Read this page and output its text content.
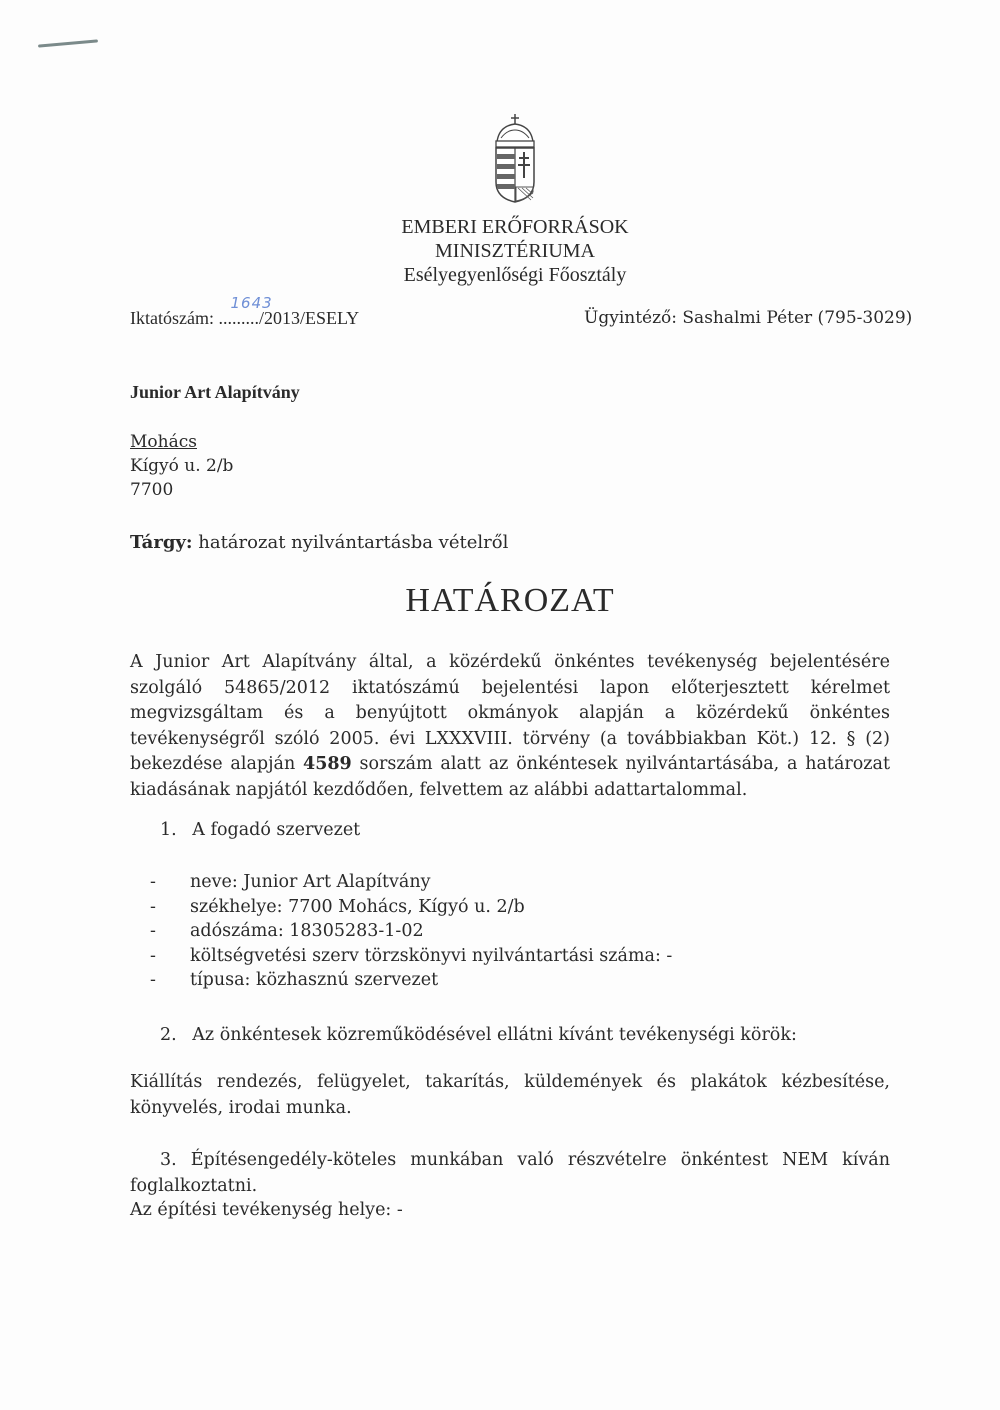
EMBERI ERŐFORRÁSOK
MINISZTÉRIUMA
Esélyegyenlőségi Főosztály
Iktatószám:
1643
........./2013/ESELY	Ügyintéző: Sashalmi Péter (795-3029)
Junior Art Alapítvány
Mohács
Kígyó u. 2/b
7700
Tárgy: határozat nyilvántartásba vételről
HATÁROZAT
A Junior Art Alapítvány által, a közérdekű önkéntes tevékenység bejelentésére szolgáló 54865/2012 iktatószámú bejelentési lapon előterjesztett kérelmet megvizsgáltam és a benyújtott okmányok alapján a közérdekű önkéntes tevékenységről szóló 2005. évi LXXXVIII. törvény (a továbbiakban Köt.) 12. § (2) bekezdése alapján 4589 sorszám alatt az önkéntesek nyilvántartásába, a határozat kiadásának napjától kezdődően, felvettem az alábbi adattartalommal.
1. A fogadó szervezet
-	neve: Junior Art Alapítvány
-	székhelye: 7700 Mohács, Kígyó u. 2/b
-	adószáma: 18305283-1-02
-	költségvetési szerv törzskönyvi nyilvántartási száma: -
-	típusa: közhasznú szervezet
2. Az önkéntesek közreműködésével ellátni kívánt tevékenységi körök:
Kiállítás rendezés, felügyelet, takarítás, küldemények és plakátok kézbesítése, könyvelés, irodai munka.
3. Építésengedély-köteles munkában való részvételre önkéntest NEM kíván foglalkoztatni.
Az építési tevékenység helye: -
